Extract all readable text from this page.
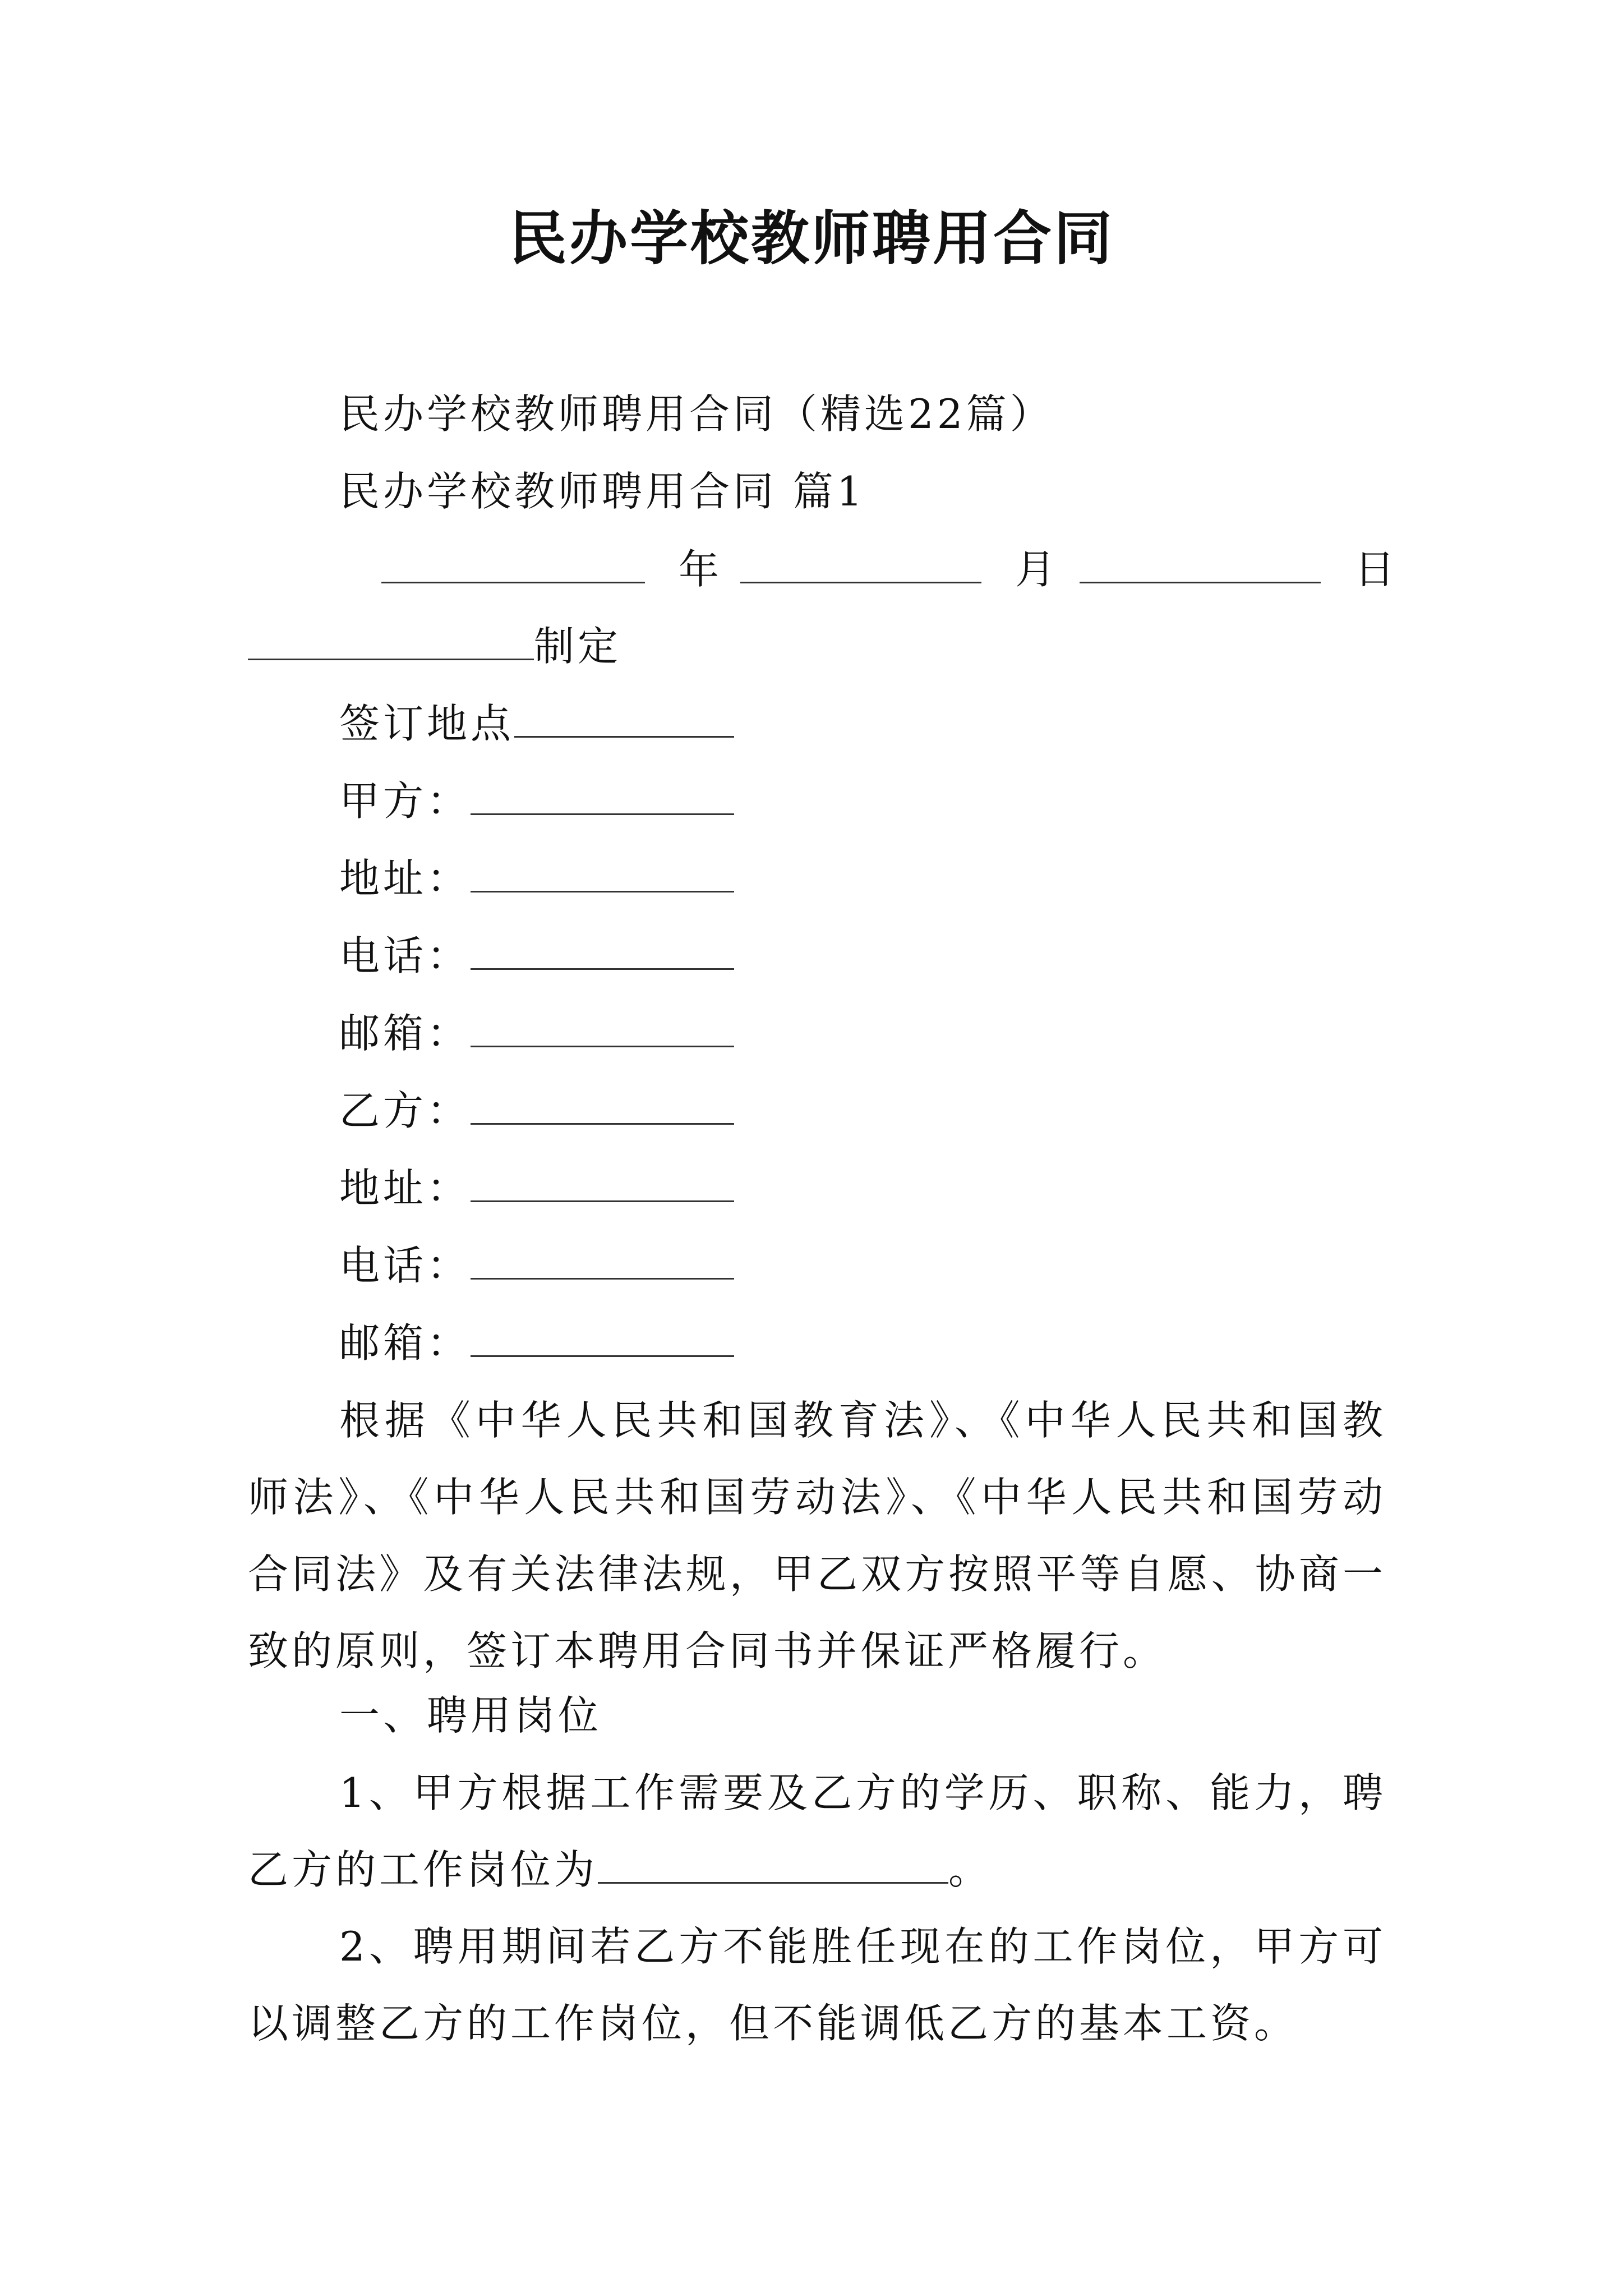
民办学校教师聘用合同
民办学校教师聘用合同（精选22篇）
民办学校教师聘用合同 篇1
年	月	日
制定
签订地点
甲方：
地址：
电话：
邮箱：
乙方：
地址：
电话：
邮箱：
根据《中华人民共和国教育法》、《中华人民共和国教师法》、《中华人民共和国劳动法》、《中华人民共和国劳动合同法》及有关法律法规，甲乙双方按照平等自愿、协商一致的原则，签订本聘用合同书并保证严格履行。
一、聘用岗位
1、甲方根据工作需要及乙方的学历、职称、能力，聘乙方的工作岗位为	。
2、聘用期间若乙方不能胜任现在的工作岗位，甲方可以调整乙方的工作岗位，但不能调低乙方的基本工资。
